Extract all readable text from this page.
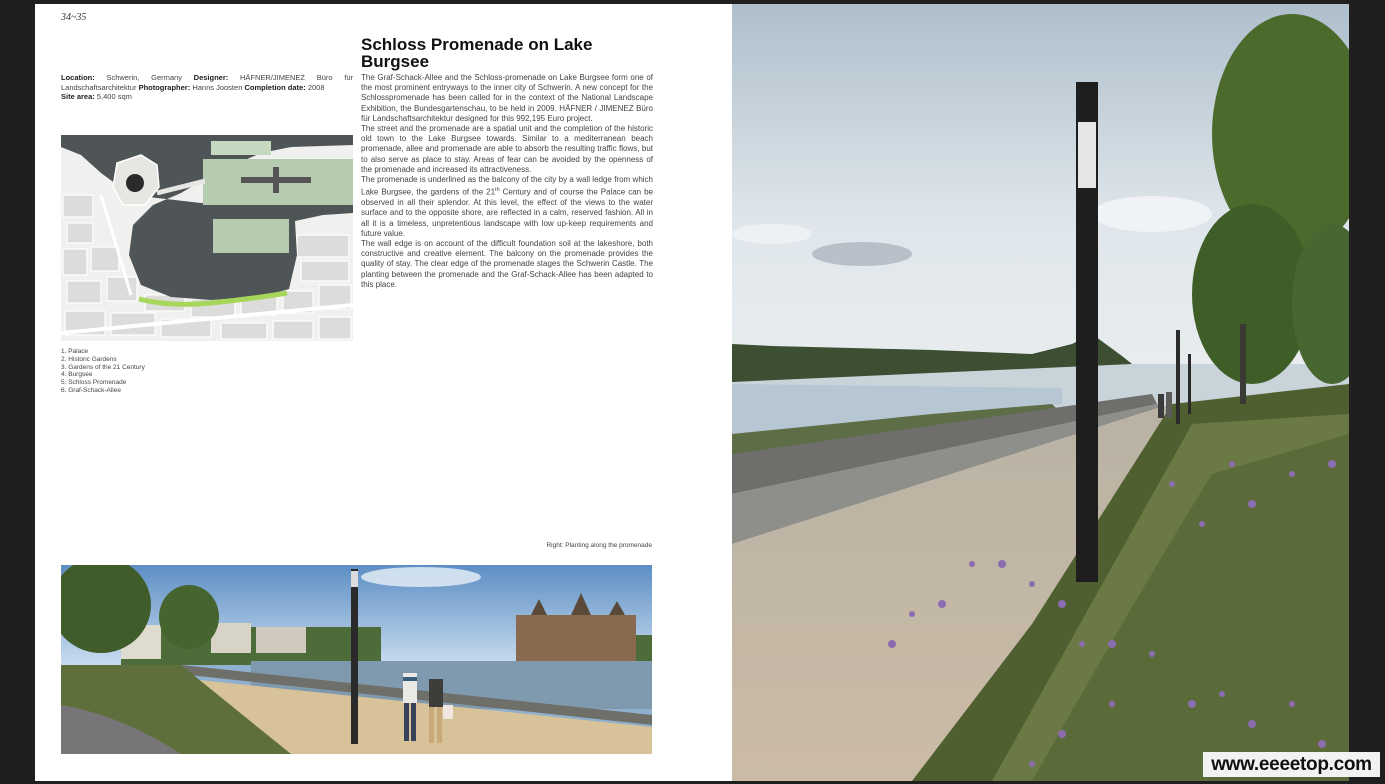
34~35
Schloss Promenade on Lake Burgsee
Location: Schwerin, Germany Designer: HÄFNER/JIMENEZ Büro für Landschaftsarchitektur Photographer: Hanns Joosten Completion date: 2008
Site area: 5,400 sqm

The Graf-Schack-Allee and the Schloss-promenade on Lake Burgsee form one of the most prominent entryways to the inner city of Schwerin. A new concept for the Schlosspromenade has been called for in the context of the National Landscape Exhibition, the Bundesgartenschau, to be held in 2009. HÄFNER / JIMENEZ Büro für Landschaftsarchitektur designed for this 992,195 Euro project.

The street and the promenade are a spatial unit and the completion of the historic old town to the Lake Burgsee towards. Similar to a mediterranean beach promenade, allee and promenade are able to absorb the resulting traffic flows, but to also serve as place to stay. Areas of fear can be avoided by the openness of the promenade and increased its attractiveness.

The promenade is underlined as the balcony of the city by a wall ledge from which Lake Burgsee, the gardens of the 21th Century and of course the Palace can be observed in all their splendor. At this level, the effect of the views to the water surface and to the opposite shore, are reflected in a calm, reserved fashion. All in all it is a timeless, unpretentious landscape with low up-keep requirements and future value.

The wall edge is on account of the difficult foundation soil at the lakeshore, both constructive and creative element. The balcony on the promenade provides the quality of stay. The clear edge of the promenade stages the Schwerin Castle. The planting between the promenade and the Graf-Schack-Allee has been adapted to this place.

1. Palace
2. Historic Gardens
3. Gardens of the 21 Century
4. Burgsee
5. Schloss Promenade
6. Graf-Schack-Allee
Right: Planting along the promenade
www.eeeetop.com
